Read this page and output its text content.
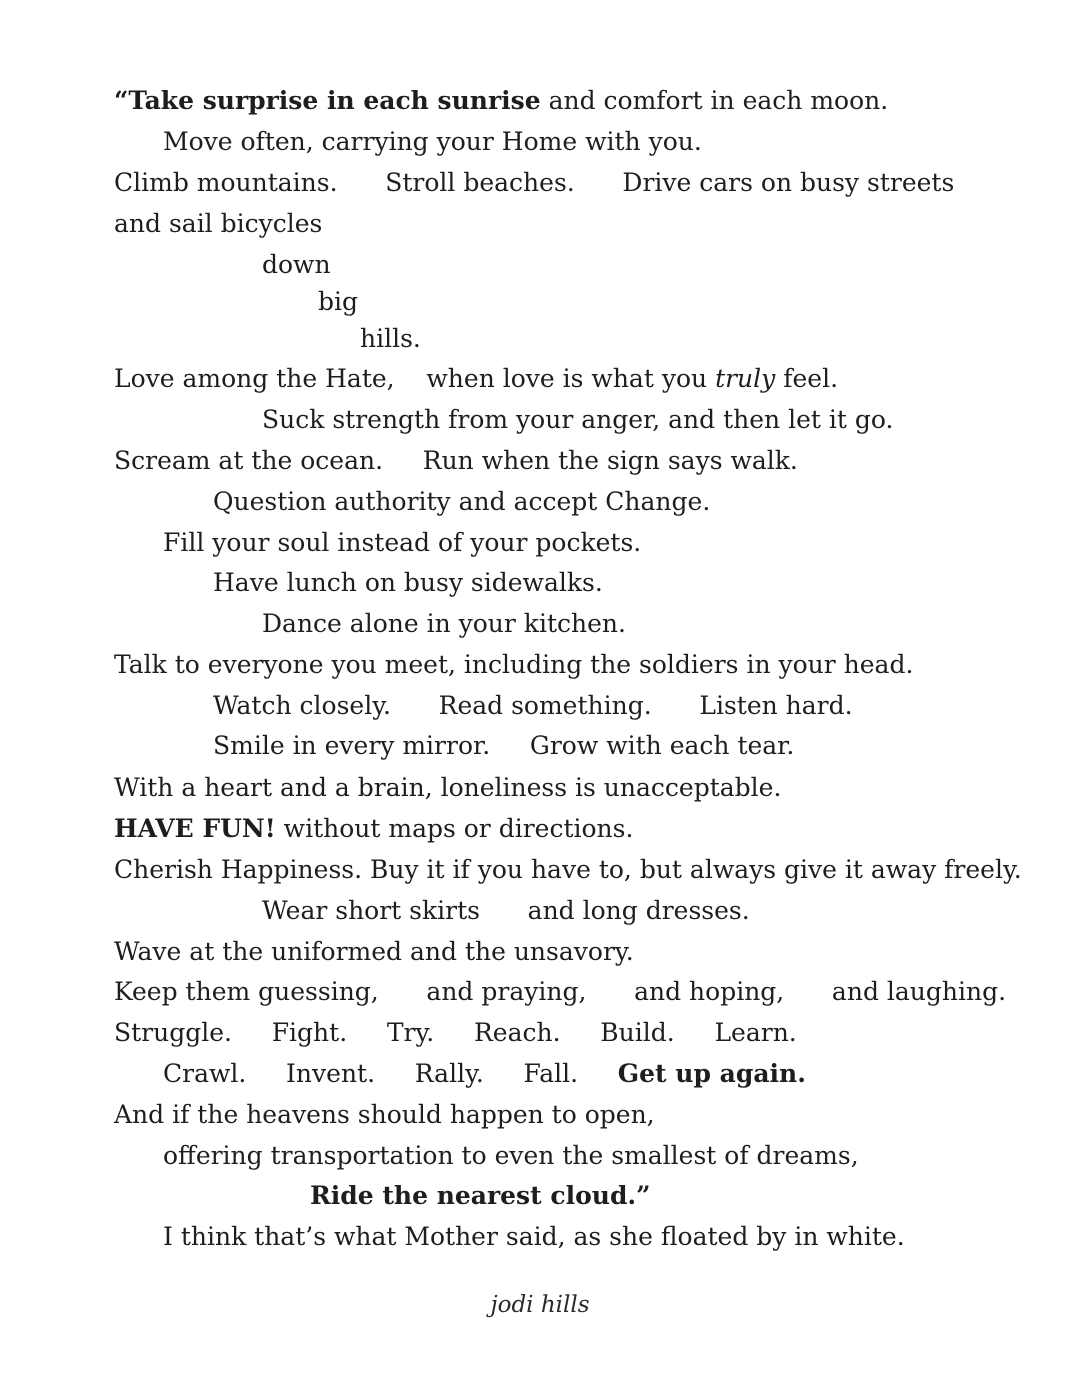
“Take surprise in each sunrise and comfort in each moon.
Move often, carrying your Home with you.
Climb mountains.      Stroll beaches.      Drive cars on busy streets
and sail bicycles
down
big
hills.
Love among the Hate,    when love is what you truly feel.
Suck strength from your anger, and then let it go.
Scream at the ocean.     Run when the sign says walk.
Question authority and accept Change.
Fill your soul instead of your pockets.
Have lunch on busy sidewalks.
Dance alone in your kitchen.
Talk to everyone you meet, including the soldiers in your head.
Watch closely.      Read something.      Listen hard.
Smile in every mirror.     Grow with each tear.
With a heart and a brain, loneliness is unacceptable.
HAVE FUN! without maps or directions.
Cherish Happiness. Buy it if you have to, but always give it away freely.
Wear short skirts      and long dresses.
Wave at the uniformed and the unsavory.
Keep them guessing,      and praying,      and hoping,      and laughing.
Struggle.     Fight.     Try.     Reach.     Build.     Learn.
Crawl.     Invent.     Rally.     Fall.     Get up again.
And if the heavens should happen to open,
offering transportation to even the smallest of dreams,
Ride the nearest cloud.”
I think that’s what Mother said, as she floated by in white.
jodi hills
